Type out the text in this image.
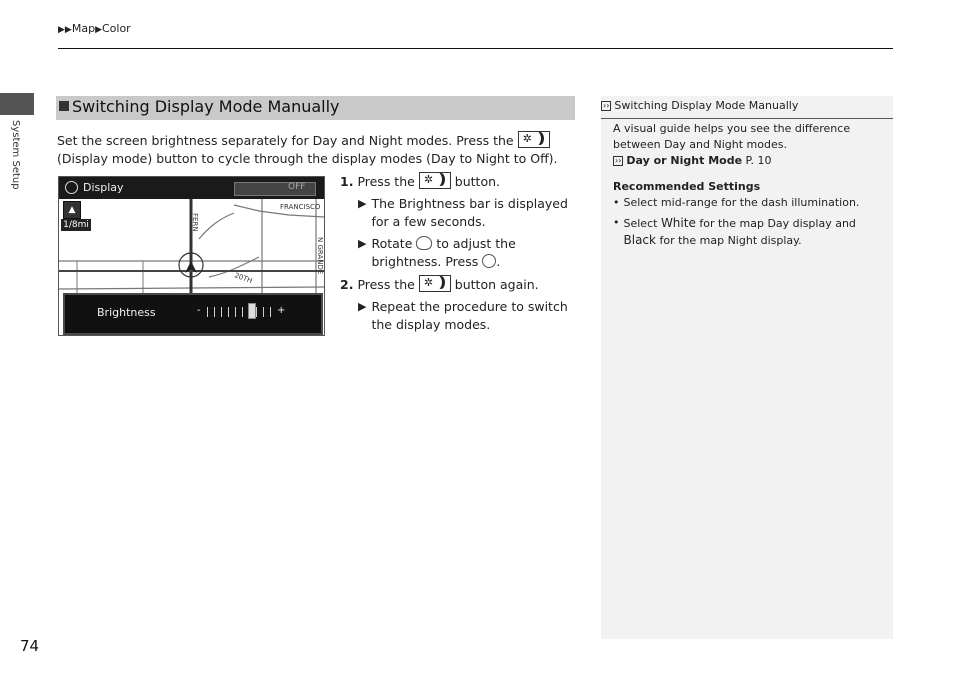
▶▶Map▶Color
System Setup
Switching Display Mode Manually
Set the screen brightness separately for Day and Night modes. Press the ✲
(Display mode) button to cycle through the display modes (Day to Night to Off).
FERN
FRANCISCO
N GRANDE
20TH
Display	OFF
▲
1/8mi
Brightness	-	+
1. Press the ✲ button.
▶ The Brightness bar is displayed for a few seconds.
▶ Rotate to adjust the brightness. Press .
2. Press the ✲ button again.
▶ Repeat the procedure to switch the display modes.
›› Switching Display Mode Manually

A visual guide helps you see the difference between Day and Night modes.

›› Day or Night Mode P. 10

Recommended Settings

• Select mid-range for the dash illumination.
• Select White for the map Day display and Black for the map Night display.
74
